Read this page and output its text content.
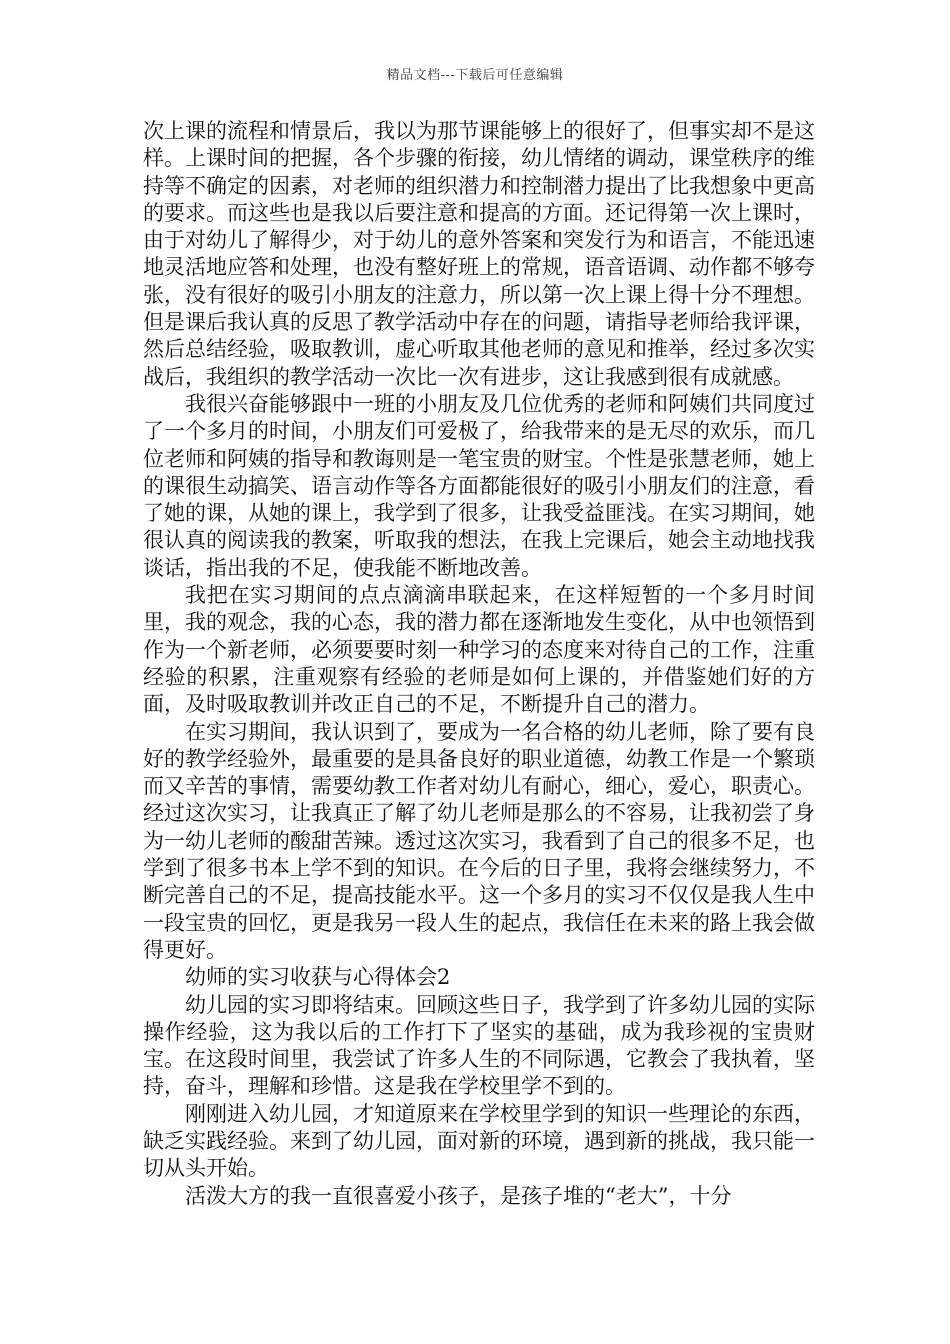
精品文档---下载后可任意编辑

次上课的流程和情景后，我以为那节课能够上的很好了，但事实却不是这样。上课时间的把握，各个步骤的衔接，幼儿情绪的调动，课堂秩序的维持等不确定的因素，对老师的组织潜力和控制潜力提出了比我想象中更高的要求。而这些也是我以后要注意和提高的方面。还记得第一次上课时，由于对幼儿了解得少，对于幼儿的意外答案和突发行为和语言，不能迅速地灵活地应答和处理，也没有整好班上的常规，语音语调、动作都不够夸张，没有很好的吸引小朋友的注意力，所以第一次上课上得十分不理想。但是课后我认真的反思了教学活动中存在的问题，请指导老师给我评课，然后总结经验，吸取教训，虚心听取其他老师的意见和推举，经过多次实战后，我组织的教学活动一次比一次有进步，这让我感到很有成就感。

我很兴奋能够跟中一班的小朋友及几位优秀的老师和阿姨们共同度过了一个多月的时间，小朋友们可爱极了，给我带来的是无尽的欢乐，而几位老师和阿姨的指导和教诲则是一笔宝贵的财宝。个性是张慧老师，她上的课很生动搞笑、语言动作等各方面都能很好的吸引小朋友们的注意，看了她的课，从她的课上，我学到了很多，让我受益匪浅。在实习期间，她很认真的阅读我的教案，听取我的想法，在我上完课后，她会主动地找我谈话，指出我的不足，使我能不断地改善。

我把在实习期间的点点滴滴串联起来，在这样短暂的一个多月时间里，我的观念，我的心态，我的潜力都在逐渐地发生变化，从中也领悟到作为一个新老师，必须要要时刻一种学习的态度来对待自己的工作，注重经验的积累，注重观察有经验的老师是如何上课的，并借鉴她们好的方面，及时吸取教训并改正自己的不足，不断提升自己的潜力。

在实习期间，我认识到了，要成为一名合格的幼儿老师，除了要有良好的教学经验外，最重要的是具备良好的职业道德，幼教工作是一个繁琐而又辛苦的事情，需要幼教工作者对幼儿有耐心，细心，爱心，职责心。经过这次实习，让我真正了解了幼儿老师是那么的不容易，让我初尝了身为一幼儿老师的酸甜苦辣。透过这次实习，我看到了自己的很多不足，也学到了很多书本上学不到的知识。在今后的日子里，我将会继续努力，不断完善自己的不足，提高技能水平。这一个多月的实习不仅仅是我人生中一段宝贵的回忆，更是我另一段人生的起点，我信任在未来的路上我会做得更好。

幼师的实习收获与心得体会2

幼儿园的实习即将结束。回顾这些日子，我学到了许多幼儿园的实际操作经验，这为我以后的工作打下了坚实的基础，成为我珍视的宝贵财宝。在这段时间里，我尝试了许多人生的不同际遇，它教会了我执着，坚持，奋斗，理解和珍惜。这是我在学校里学不到的。

刚刚进入幼儿园，才知道原来在学校里学到的知识一些理论的东西，缺乏实践经验。来到了幼儿园，面对新的环境，遇到新的挑战，我只能一切从头开始。

活泼大方的我一直很喜爱小孩子，是孩子堆的“老大”，十分
